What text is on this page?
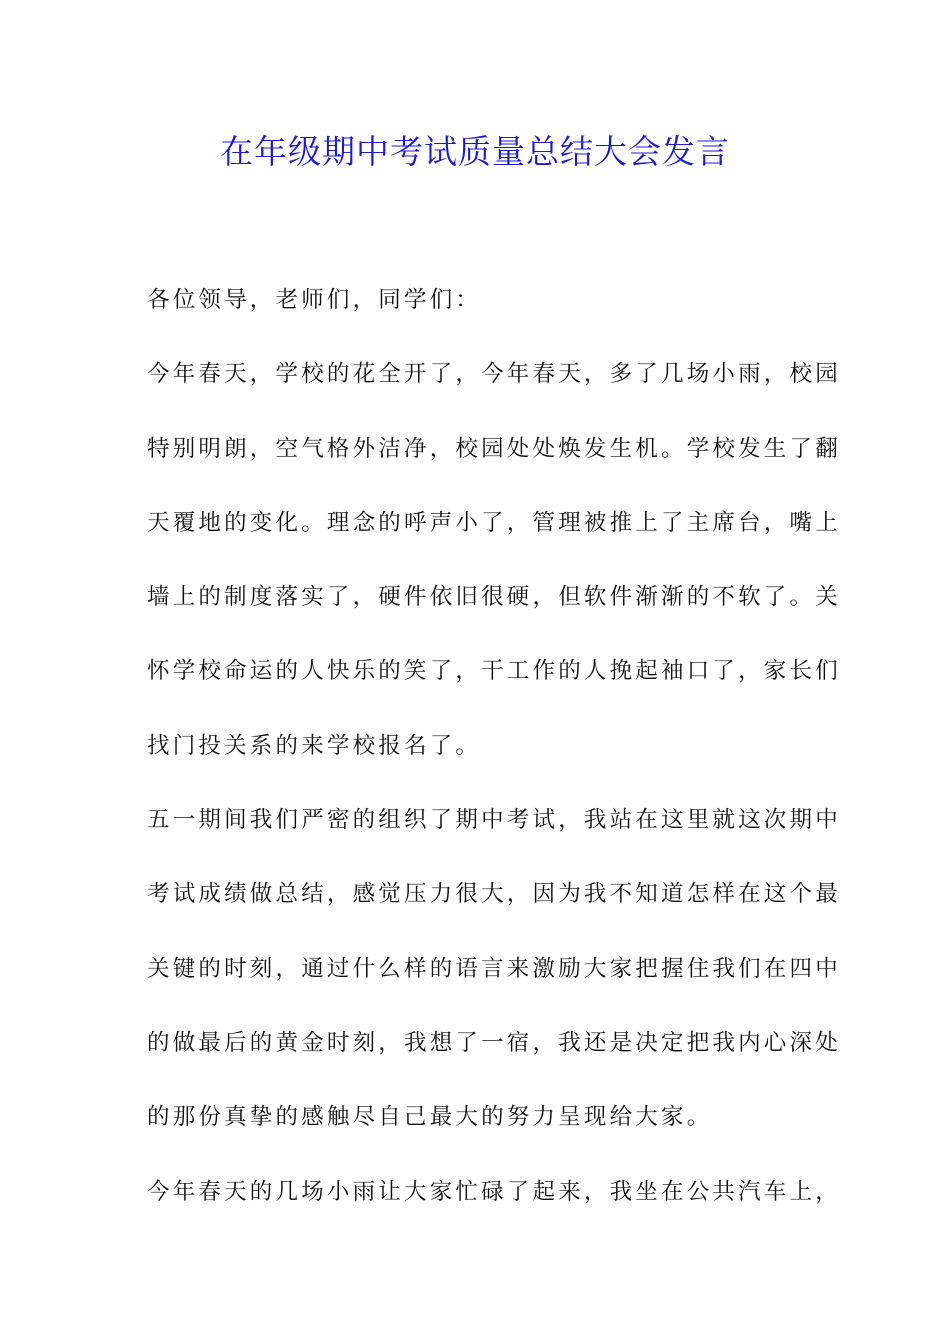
在年级期中考试质量总结大会发言

各位领导，老师们，同学们：

今年春天，学校的花全开了，今年春天，多了几场小雨，校园

特别明朗，空气格外洁净，校园处处焕发生机。学校发生了翻

天覆地的变化。理念的呼声小了，管理被推上了主席台，嘴上

墙上的制度落实了，硬件依旧很硬，但软件渐渐的不软了。关

怀学校命运的人快乐的笑了，干工作的人挽起袖口了，家长们

找门投关系的来学校报名了。

五一期间我们严密的组织了期中考试，我站在这里就这次期中

考试成绩做总结，感觉压力很大，因为我不知道怎样在这个最

关键的时刻，通过什么样的语言来激励大家把握住我们在四中

的做最后的黄金时刻，我想了一宿，我还是决定把我内心深处

的那份真挚的感触尽自己最大的努力呈现给大家。

今年春天的几场小雨让大家忙碌了起来，我坐在公共汽车上，
